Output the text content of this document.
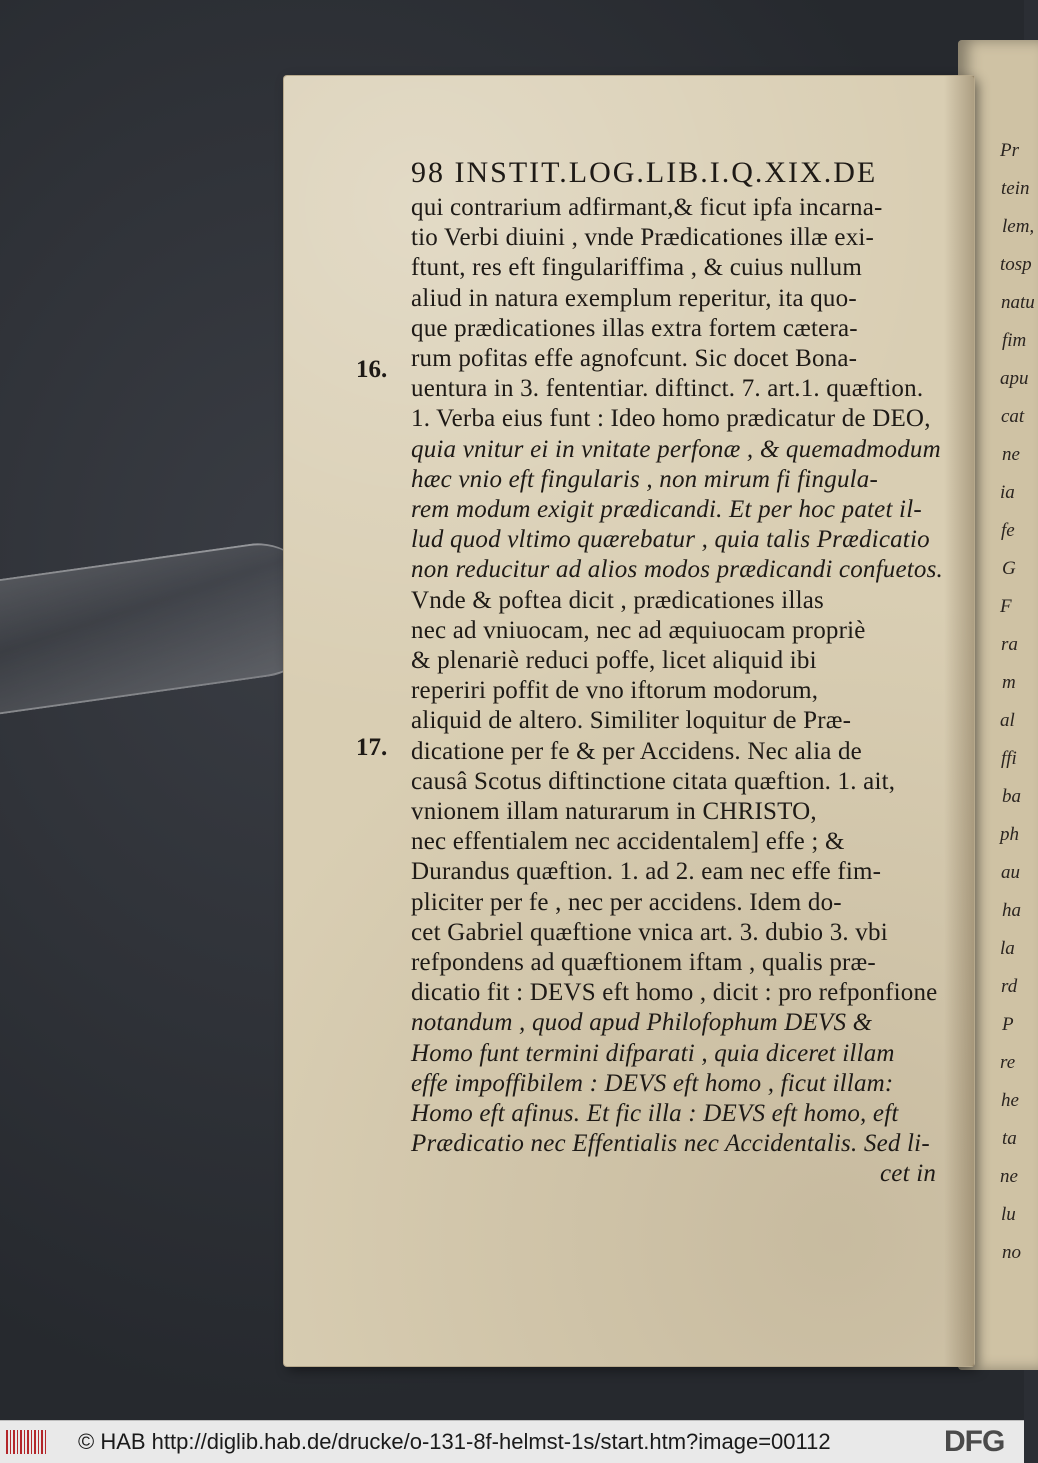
Pr
tein
lem,
tosp
natu
fim
apu
cat
ne
ia
fe
G
F
ra
m
al
ffi
ba
ph
au
ha
la
rd
P
re
he
ta
ne
lu
no
98 INSTIT.LOG.LIB.I.Q.XIX.DE
16.
17.
qui contrarium adfirmant,& ficut ipfa incarna-
tio Verbi diuini , vnde Prædicationes illæ exi-
ftunt, res eft fingulariffima , & cuius nullum
aliud in natura exemplum reperitur, ita quo-
que prædicationes illas extra fortem cætera-
rum pofitas effe agnofcunt. Sic docet Bona-
uentura in 3. fententiar. diftinct. 7. art.1. quæftion.
1. Verba eius funt : Ideo homo prædicatur de DEO,
quia vnitur ei in vnitate perfonæ , & quemadmodum
hæc vnio eft fingularis , non mirum fi fingula-
rem modum exigit prædicandi. Et per hoc patet il-
lud quod vltimo quærebatur , quia talis Prædicatio
non reducitur ad alios modos prædicandi confuetos.
Vnde & poftea dicit , prædicationes illas
nec ad vniuocam, nec ad æquiuocam propriè
& plenariè reduci poffe, licet aliquid ibi
reperiri poffit de vno iftorum modorum,
aliquid de altero. Similiter loquitur de Præ-
dicatione per fe & per Accidens. Nec alia de
causâ Scotus diftinctione citata quæftion. 1. ait,
vnionem illam naturarum in CHRISTO,
nec effentialem nec accidentalem] effe ; &
Durandus quæftion. 1. ad 2. eam nec effe fim-
pliciter per fe , nec per accidens. Idem do-
cet Gabriel quæftione vnica art. 3. dubio 3. vbi
refpondens ad quæftionem iftam , qualis præ-
dicatio fit : DEVS eft homo , dicit : pro refponfione
notandum , quod apud Philofophum DEVS &
Homo funt termini difparati , quia diceret illam
effe impoffibilem : DEVS eft homo , ficut illam:
Homo eft afinus. Et fic illa : DEVS eft homo, eft
Prædicatio nec Effentialis nec Accidentalis. Sed li-
cet in
© HAB http://diglib.hab.de/drucke/o-131-8f-helmst-1s/start.htm?image=00112	DFG
